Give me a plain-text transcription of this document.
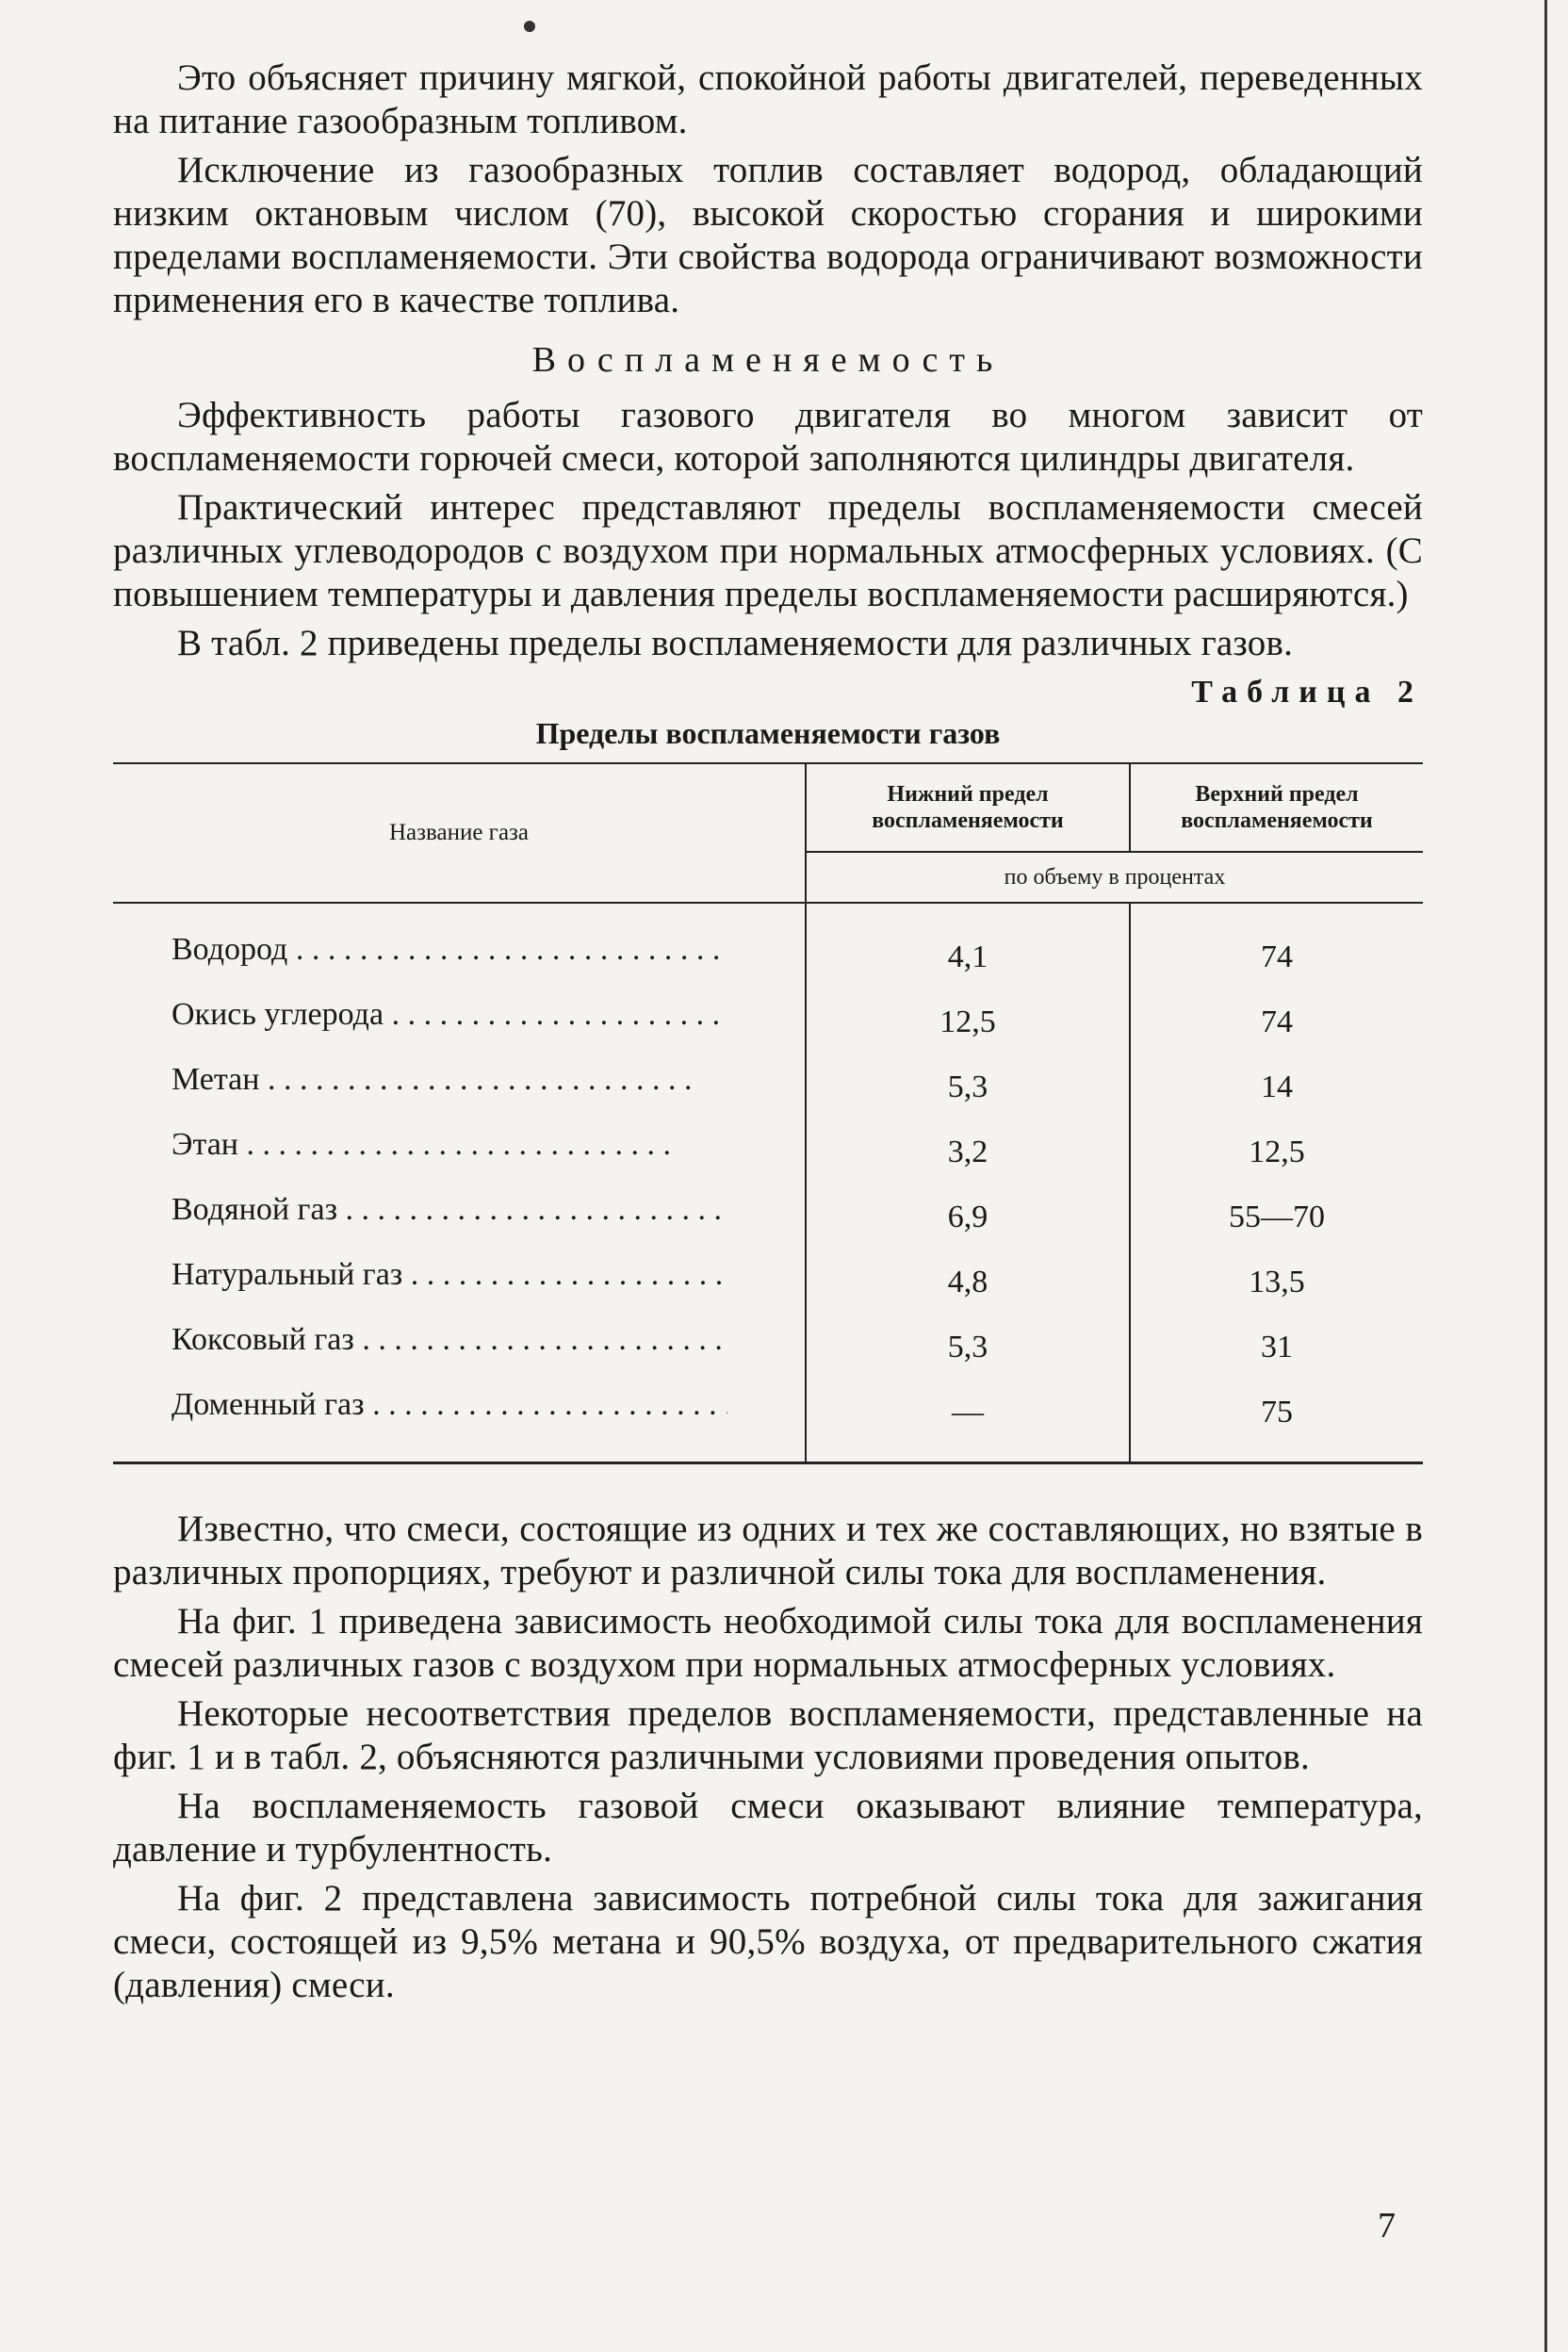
Это объясняет причину мягкой, спокойной работы двигателей, переведенных на питание газообразным топливом.

Исключение из газообразных топлив составляет водород, обладающий низким октановым числом (70), высокой скоростью сгорания и широкими пределами воспламеняемости. Эти свойства водорода ограничивают возможности применения его в качестве топлива.

Воспламеняемость

Эффективность работы газового двигателя во многом зависит от воспламеняемости горючей смеси, которой заполняются цилиндры двигателя.

Практический интерес представляют пределы воспламеняемости смесей различных углеводородов с воздухом при нормальных атмосферных условиях. (С повышением температуры и давления пределы воспламеняемости расширяются.)

В табл. 2 приведены пределы воспламеняемости для различных газов.

Таблица 2
Пределы воспламеняемости газов
Название газа	Нижний предел воспламеняемости	Верхний предел воспламеняемости
	по объему в процентах	
Водород . . .	4,1	74
Окись углерода . . .	12,5	74
Метан . . .	5,3	14
Этан . . .	3,2	12,5
Водяной газ . . .	6,9	55—70
Натуральный газ . . .	4,8	13,5
Коксовый газ . . .	5,3	31
Доменный газ . . .	—	75

Известно, что смеси, состоящие из одних и тех же составляющих, но взятые в различных пропорциях, требуют и различной силы тока для воспламенения.

На фиг. 1 приведена зависимость необходимой силы тока для воспламенения смесей различных газов с воздухом при нормальных атмосферных условиях.

Некоторые несоответствия пределов воспламеняемости, представленные на фиг. 1 и в табл. 2, объясняются различными условиями проведения опытов.

На воспламеняемость газовой смеси оказывают влияние температура, давление и турбулентность.

На фиг. 2 представлена зависимость потребной силы тока для зажигания смеси, состоящей из 9,5% метана и 90,5% воздуха, от предварительного сжатия (давления) смеси.

7
